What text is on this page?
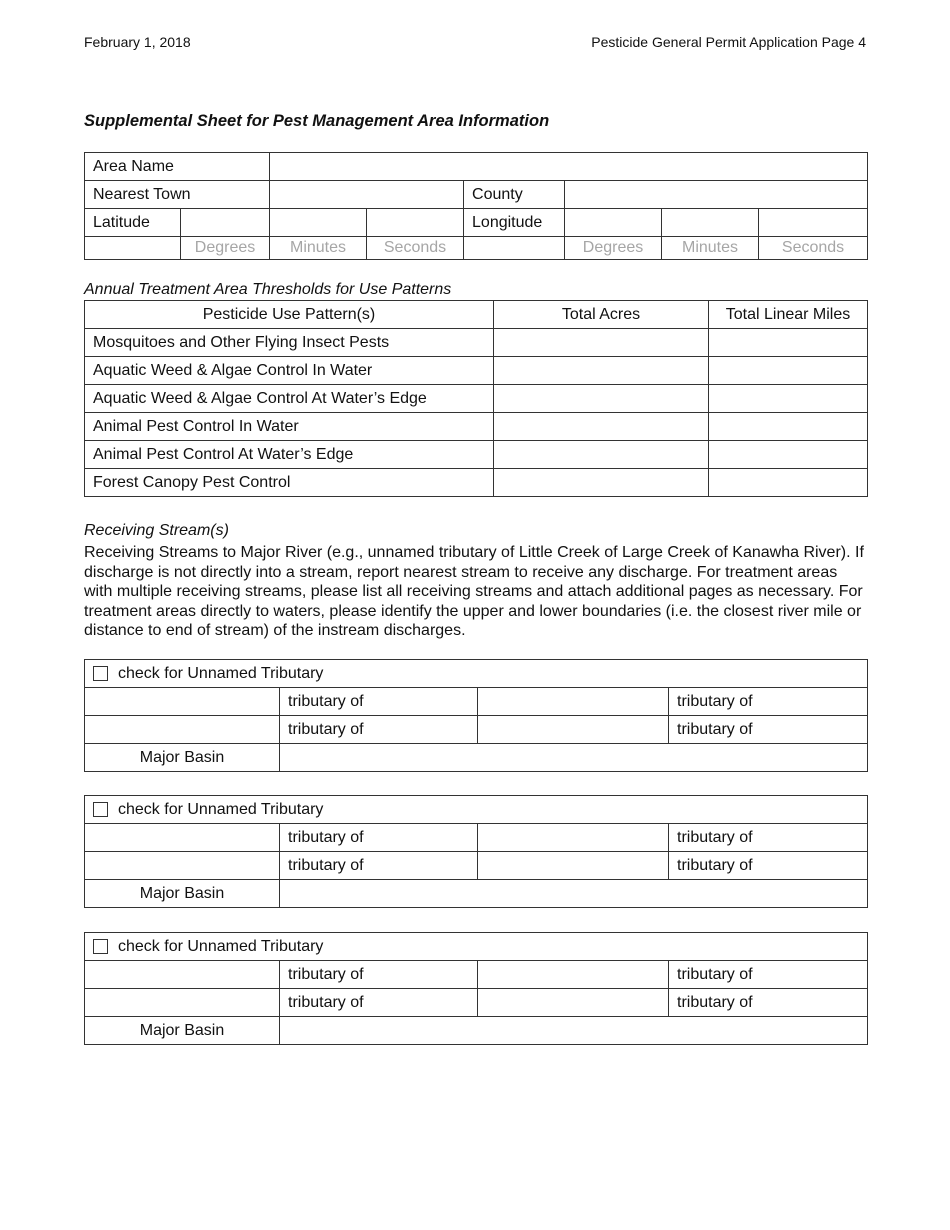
February 1, 2018	Pesticide General Permit Application Page 4
Supplemental Sheet for Pest Management Area Information
Area Name							
Nearest Town				County			
Latitude				Longitude			
	Degrees	Minutes	Seconds		Degrees	Minutes	Seconds
Annual Treatment Area Thresholds for Use Patterns
Pesticide Use Pattern(s)	Total Acres	Total Linear Miles
Mosquitoes and Other Flying Insect Pests		
Aquatic Weed & Algae Control In Water		
Aquatic Weed & Algae Control At Water’s Edge		
Animal Pest Control In Water		
Animal Pest Control At Water’s Edge		
Forest Canopy Pest Control		
Receiving Stream(s)
Receiving Streams to Major River (e.g., unnamed tributary of Little Creek of Large Creek of Kanawha River). If discharge is not directly into a stream, report nearest stream to receive any discharge. For treatment areas with multiple receiving streams, please list all receiving streams and attach additional pages as necessary. For treatment areas directly to waters, please identify the upper and lower boundaries (i.e. the closest river mile or distance to end of stream) of the instream discharges.
check for Unnamed Tributary			
	tributary of		tributary of
	tributary of		tributary of
Major Basin			
check for Unnamed Tributary			
	tributary of		tributary of
	tributary of		tributary of
Major Basin			
check for Unnamed Tributary			
	tributary of		tributary of
	tributary of		tributary of
Major Basin			
